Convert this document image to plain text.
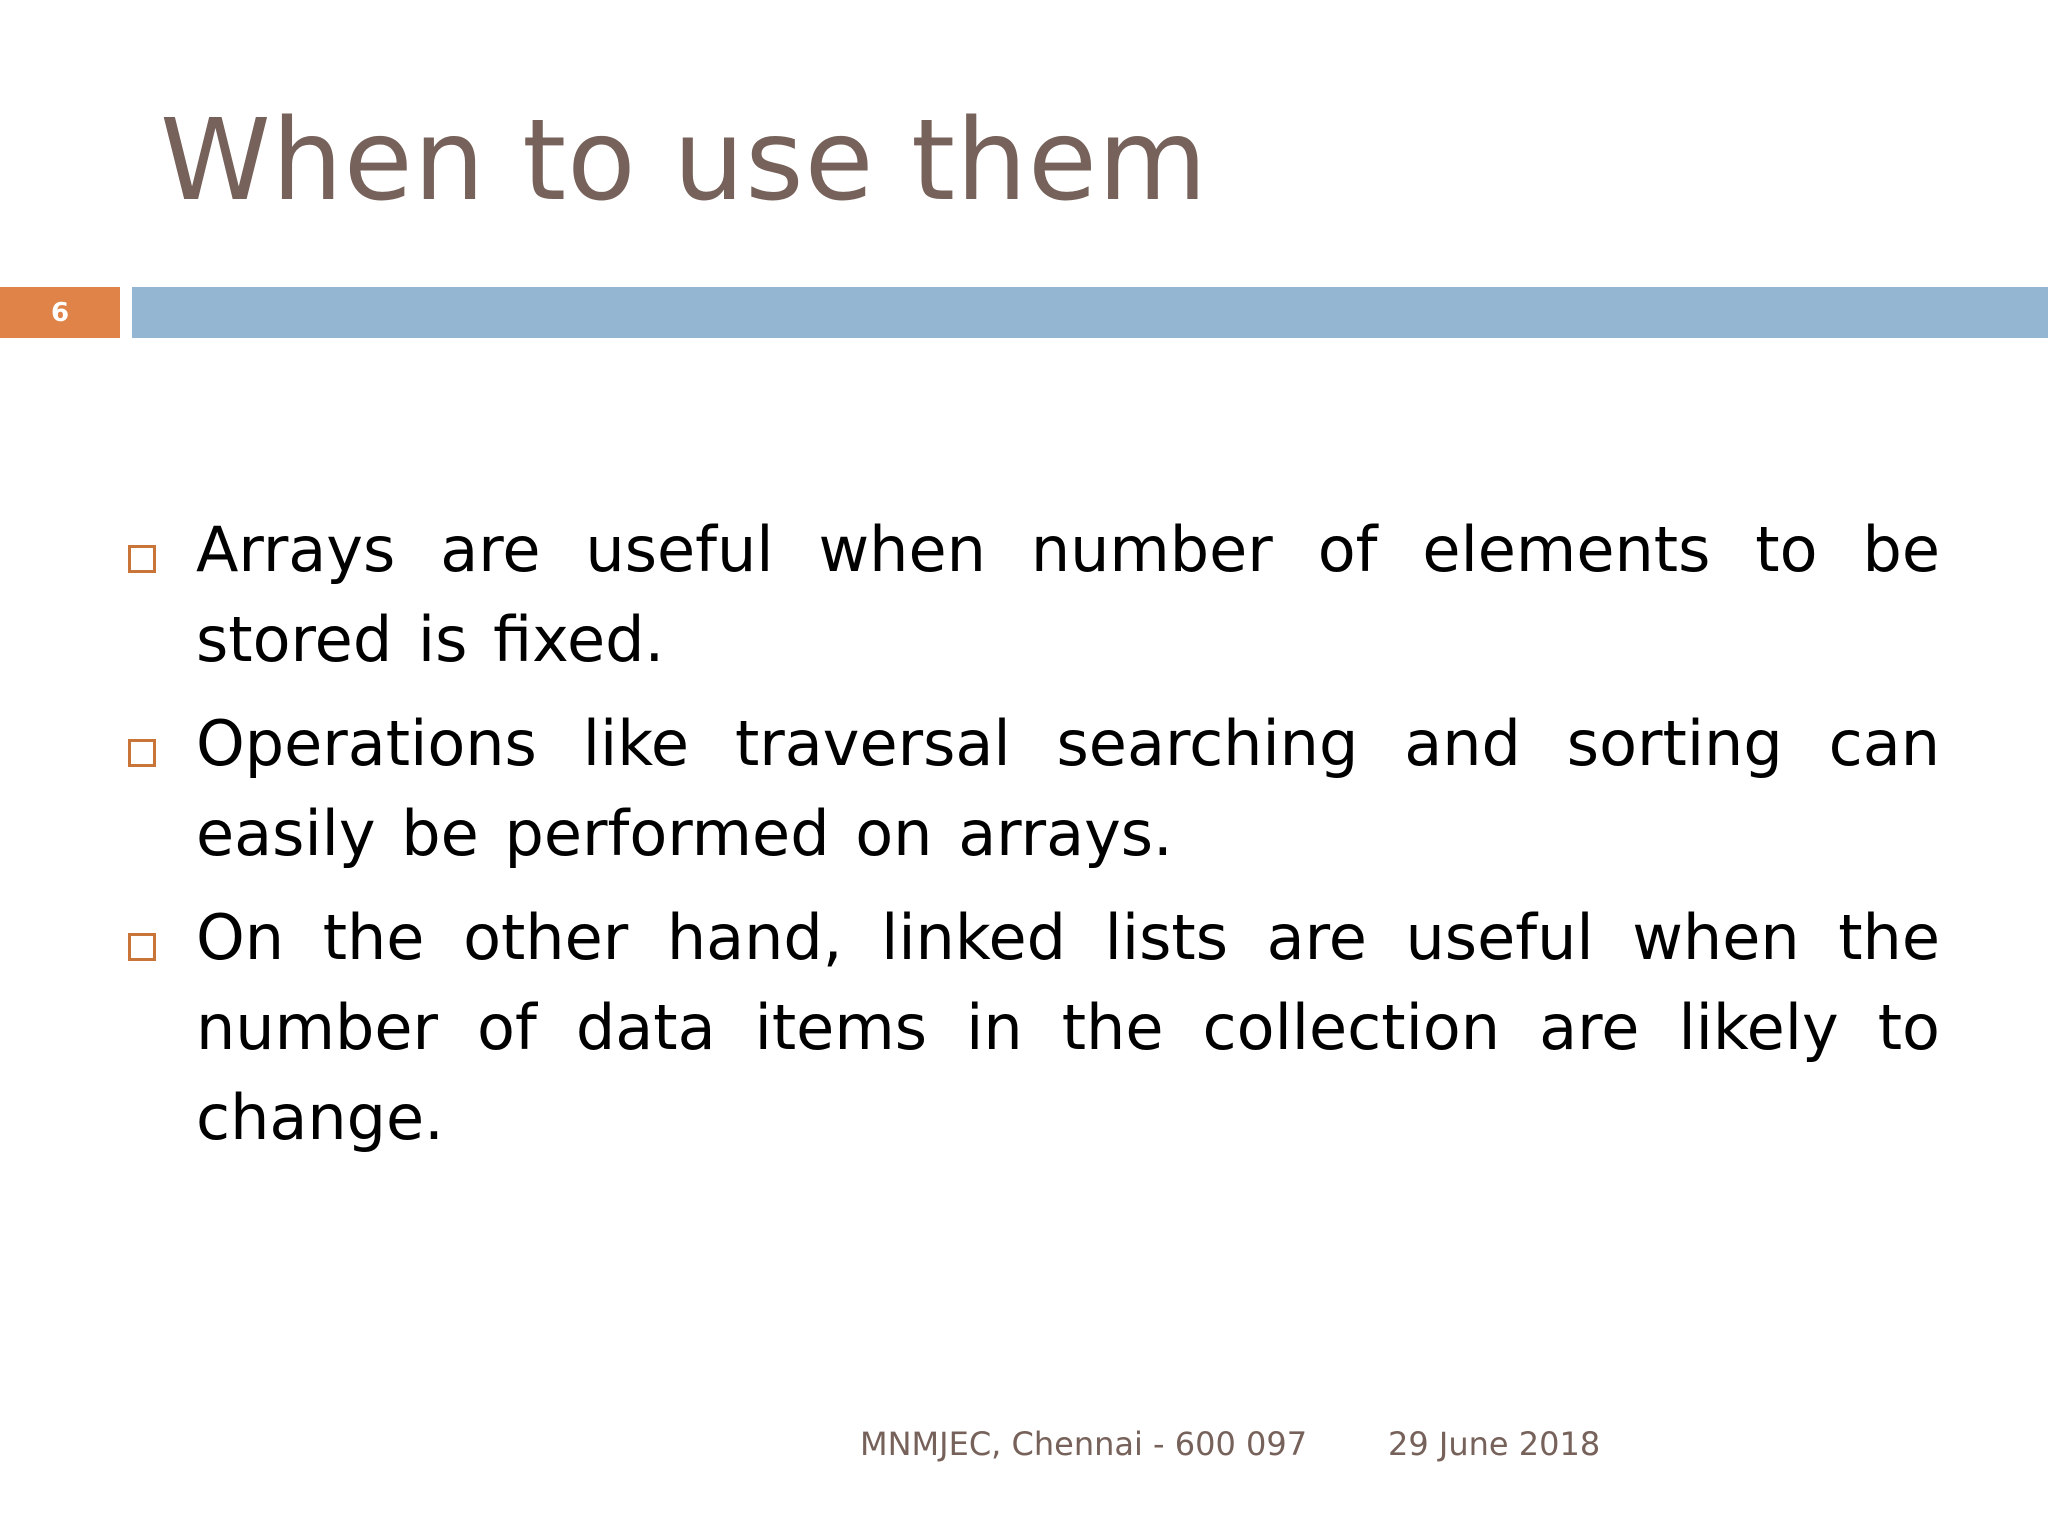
When to use them
6
Arrays are useful when number of elements to be stored is fixed.
Operations like traversal searching and sorting can easily be performed on arrays.
On the other hand, linked lists are useful when the number of data items in the collection are likely to change.
MNMJEC, Chennai - 600 097	29 June 2018
